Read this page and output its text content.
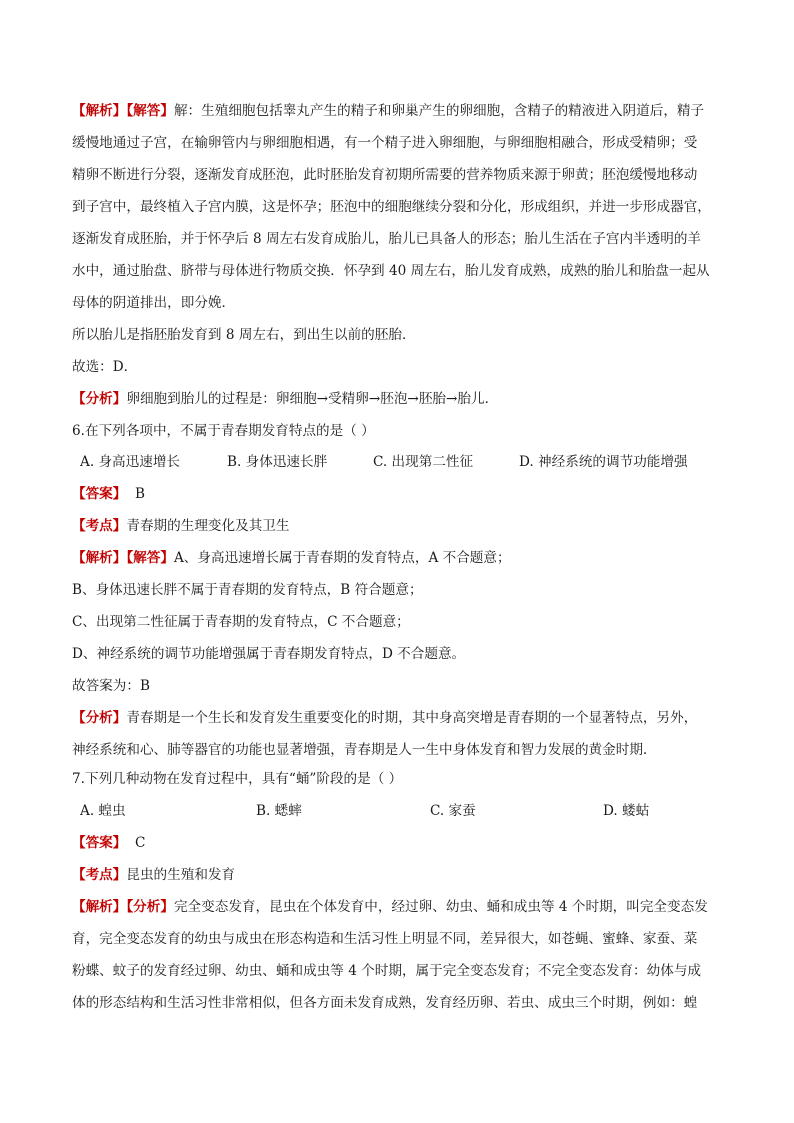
【解析】【解答】解：生殖细胞包括睾丸产生的精子和卵巢产生的卵细胞，含精子的精液进入阴道后，精子
缓慢地通过子宫，在输卵管内与卵细胞相遇，有一个精子进入卵细胞，与卵细胞相融合，形成受精卵；受
精卵不断进行分裂，逐渐发育成胚泡，此时胚胎发育初期所需要的营养物质来源于卵黄；胚泡缓慢地移动
到子宫中，最终植入子宫内膜，这是怀孕；胚泡中的细胞继续分裂和分化，形成组织，并进一步形成器官，
逐渐发育成胚胎，并于怀孕后 8 周左右发育成胎儿，胎儿已具备人的形态；胎儿生活在子宫内半透明的羊
水中，通过胎盘、脐带与母体进行物质交换．怀孕到 40 周左右，胎儿发育成熟，成熟的胎儿和胎盘一起从
母体的阴道排出，即分娩．
所以胎儿是指胚胎发育到 8 周左右，到出生以前的胚胎．
故选：D．
【分析】卵细胞到胎儿的过程是：卵细胞→受精卵→胚泡→胚胎→胎儿．
6.在下列各项中，不属于青春期发育特点的是（ ）
A. 身高迅速增长	B. 身体迅速长胖	C. 出现第二性征	D. 神经系统的调节功能增强
【答案】 B
【考点】青春期的生理变化及其卫生
【解析】【解答】A、身高迅速增长属于青春期的发育特点，A 不合题意；
B、身体迅速长胖不属于青春期的发育特点，B 符合题意；
C、出现第二性征属于青春期的发育特点，C 不合题意；
D、神经系统的调节功能增强属于青春期发育特点，D 不合题意。
故答案为：B
【分析】青春期是一个生长和发育发生重要变化的时期，其中身高突增是青春期的一个显著特点，另外，
神经系统和心、肺等器官的功能也显著增强，青春期是人一生中身体发育和智力发展的黄金时期.
7.下列几种动物在发育过程中，具有“蛹”阶段的是（ ）
A. 蝗虫	B. 蟋蟀	C. 家蚕	D. 蝼蛄
【答案】 C
【考点】昆虫的生殖和发育
【解析】【分析】完全变态发育，昆虫在个体发育中，经过卵、幼虫、蛹和成虫等 4 个时期，叫完全变态发
育，完全变态发育的幼虫与成虫在形态构造和生活习性上明显不同，差异很大，如苍蝇、蜜蜂、家蚕、菜
粉蝶、蚊子的发育经过卵、幼虫、蛹和成虫等 4 个时期，属于完全变态发育；不完全变态发育：幼体与成
体的形态结构和生活习性非常相似，但各方面未发育成熟，发育经历卵、若虫、成虫三个时期，例如：蝗
